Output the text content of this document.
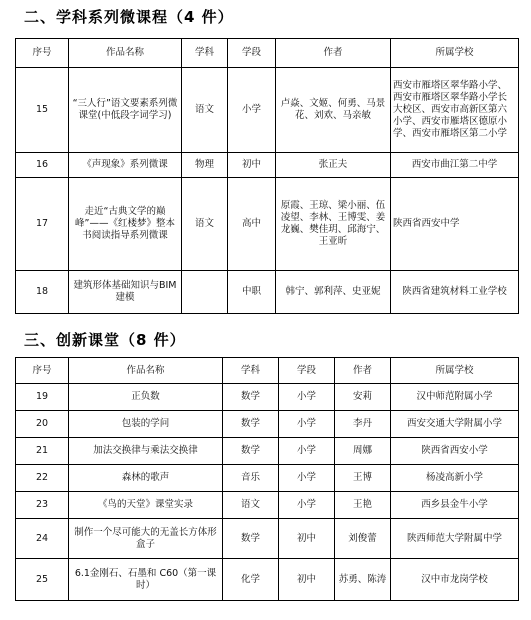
二、学科系列微课程（4 件）
序号	作品名称	学科	学段	作者	所属学校
15	“三人行”语文要素系列微课堂(中低段字词学习)	语文	小学	卢焱、文姬、何勇、马景花、刘欢、马亲敏	西安市雁塔区翠华路小学、西安市雁塔区翠华路小学长大校区、西安市高新区第六小学、西安市雁塔区德原小学、西安市雁塔区第二小学
16	《声现象》系列微课	物理	初中	张正夫	西安市曲江第二中学
17	走近“古典文学的巅峰”——《红楼梦》整本书阅读指导系列微课	语文	高中	原霞、王琼、梁小丽、伍凌望、李林、王博雯、姜龙巍、樊佳玥、邱海宁、王亚昕	陕西省西安中学
18	建筑形体基础知识与BIM建模		中职	韩宁、郭利萍、史亚妮	陕西省建筑材料工业学校
三、创新课堂（8 件）
序号	作品名称	学科	学段	作者	所属学校
19	正负数	数学	小学	安莉	汉中师范附属小学
20	包装的学问	数学	小学	李丹	西安交通大学附属小学
21	加法交换律与乘法交换律	数学	小学	周娜	陕西省西安小学
22	森林的歌声	音乐	小学	王博	杨凌高新小学
23	《鸟的天堂》课堂实录	语文	小学	王艳	西乡县金牛小学
24	制作一个尽可能大的无盖长方体形盒子	数学	初中	刘俊蕾	陕西师范大学附属中学
25	6.1金刚石、石墨和 C60（第一课时）	化学	初中	苏勇、陈涛	汉中市龙岗学校
